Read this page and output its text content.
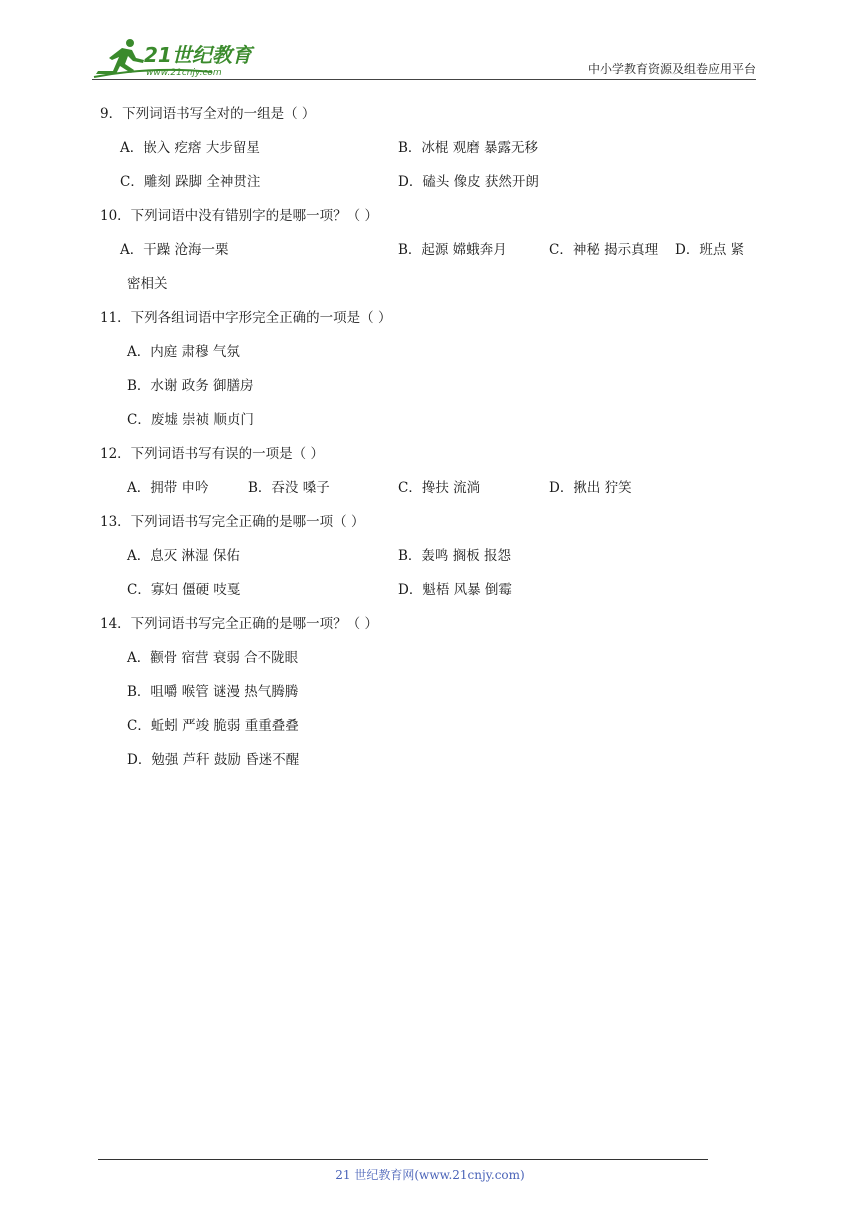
21世纪教育
www.21cnjy.com	中小学教育资源及组卷应用平台
9．下列词语书写全对的一组是（ ）
A．嵌入 疙瘩 大步留星	B．冰棍 观磨 暴露无移
C．雕刻 跺脚 全神贯注	D．磕头 像皮 获然开朗
10．下列词语中没有错别字的是哪一项？（ ）
A．干躁 沧海一栗	B．起源 嫦蛾奔月	C．神秘 揭示真理 D．班点 紧
密相关
11．下列各组词语中字形完全正确的一项是（ ）
A．内庭 肃穆 气氛
B．水谢 政务 御膳房
C．废墟 崇祯 顺贞门
12．下列词语书写有误的一项是（ ）
A．拥带 申吟	B．吞没 嗓子	C．搀扶 流淌	D．揪出 狞笑
13．下列词语书写完全正确的是哪一项（ ）
A．息灭 淋湿 保佑	B．轰鸣 搁板 报怨
C．寡妇 僵硬 吱戛	D．魁梧 风暴 倒霉
14．下列词语书写完全正确的是哪一项？（ ）
A．颧骨 宿营 衰弱 合不陇眼
B．咀嚼 喉管 谜漫 热气腾腾
C．蚯蚓 严竣 脆弱 重重叠叠
D．勉强 芦秆 鼓励 昏迷不醒
21 世纪教育网(www.21cnjy.com)
